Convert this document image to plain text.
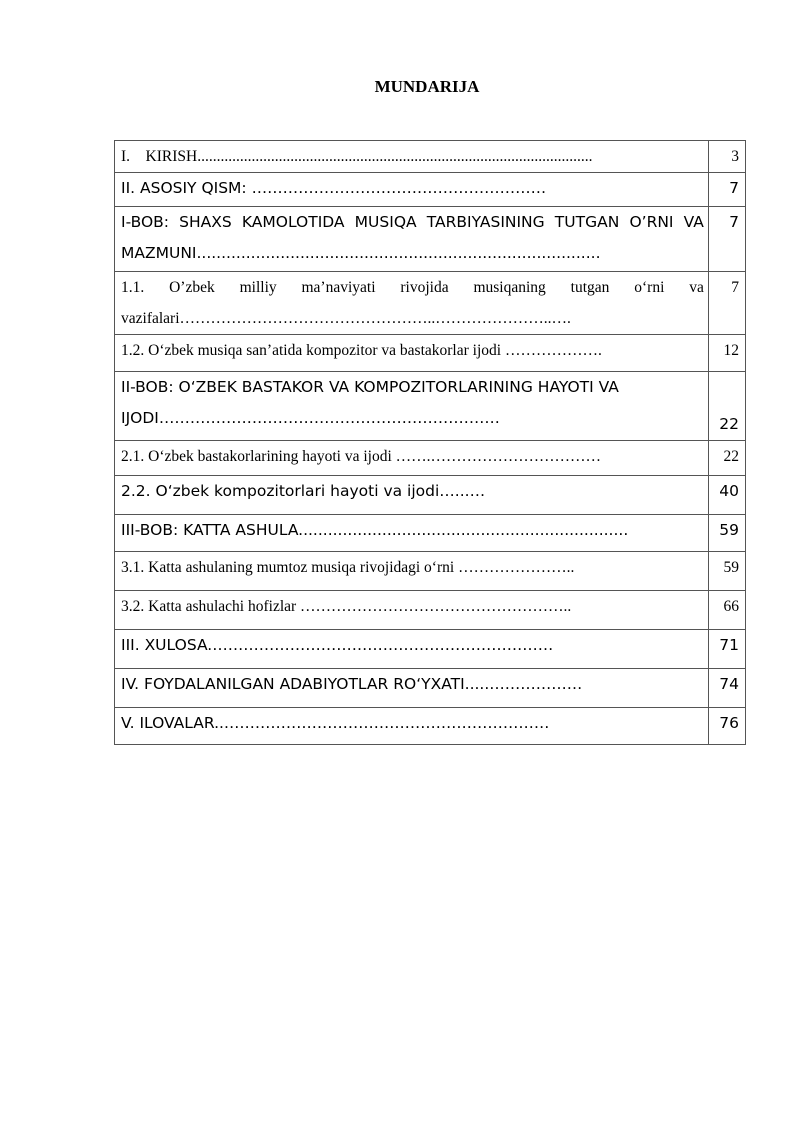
MUNDARIJA
I.    KIRISH......................................................................................................	3
II. ASOSIY QISM: …………………………………………………	7
I-BOB: SHAXS KAMOLOTIDA MUSIQA TARBIYASINING TUTGAN O’RNI VA MAZMUNI..................................................................................	7
1.1. O’zbek milliy ma’naviyati rivojida musiqaning tutgan o‘rni va vazifalari…………………………………………..…………………..….	7
1.2. O‘zbek musiqa san’atida kompozitor va bastakorlar ijodi ……………….	12
II-BOB: O‘ZBEK BASTAKOR VA KOMPOZITORLARINING HAYOTI VA IJODI…………………………………………………………	22
2.1. O‘zbek bastakorlarining hayoti va ijodi …….……………………………	22
2.2. O‘zbek kompozitorlari hayoti va ijodi…...…	40
III-BOB: KATTA ASHULA...................................................................	59
3.1. Katta ashulaning mumtoz musiqa rivojidagi o‘rni …………………..	59
3.2. Katta ashulachi hofizlar ……………………………………………..	66
III. XULOSA.…………………………………………………………	71
IV. FOYDALANILGAN ADABIYOTLAR RO‘YXATI.....………………	74
V. ILOVALAR..………………………………………………………	76
